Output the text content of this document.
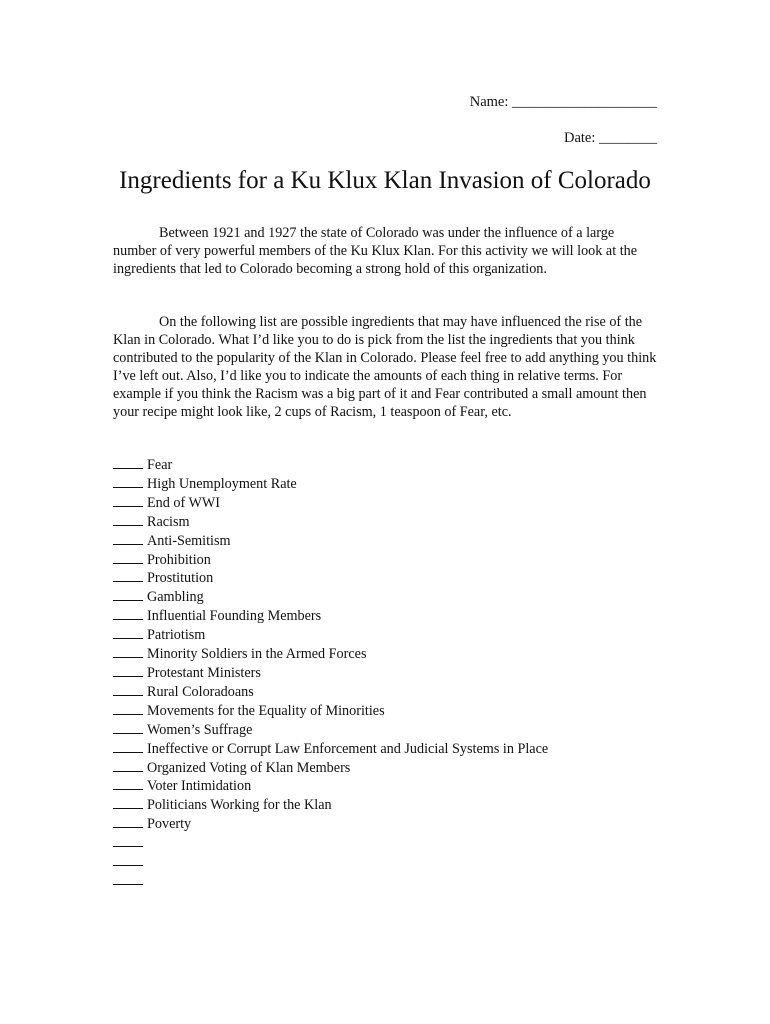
Name: ____________________
Date: ________
Ingredients for a Ku Klux Klan Invasion of Colorado

Between 1921 and 1927 the state of Colorado was under the influence of a large number of very powerful members of the Ku Klux Klan. For this activity we will look at the ingredients that led to Colorado becoming a strong hold of this organization.

On the following list are possible ingredients that may have influenced the rise of the Klan in Colorado. What I’d like you to do is pick from the list the ingredients that you think contributed to the popularity of the Klan in Colorado. Please feel free to add anything you think I’ve left out. Also, I’d like you to indicate the amounts of each thing in relative terms. For example if you think the Racism was a big part of it and Fear contributed a small amount then your recipe might look like, 2 cups of Racism, 1 teaspoon of Fear, etc.

Fear
High Unemployment Rate
End of WWI
Racism
Anti-Semitism
Prohibition
Prostitution
Gambling
Influential Founding Members
Patriotism
Minority Soldiers in the Armed Forces
Protestant Ministers
Rural Coloradoans
Movements for the Equality of Minorities
Women’s Suffrage
Ineffective or Corrupt Law Enforcement and Judicial Systems in Place
Organized Voting of Klan Members
Voter Intimidation
Politicians Working for the Klan
Poverty
